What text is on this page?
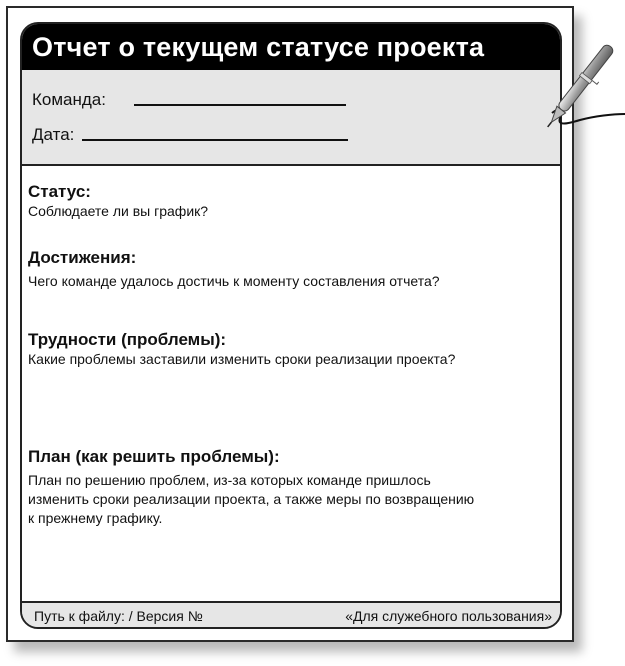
Отчет о текущем статусе проекта
Команда:
Дата:
Статус:

Соблюдаете ли вы график?

Достижения:

Чего команде удалось достичь к моменту составления отчета?

Трудности (проблемы):

Какие проблемы заставили изменить сроки реализации проекта?

План (как решить проблемы):

План по решению проблем, из-за которых команде пришлось

изменить сроки реализации проекта, а также меры по возвращению

к прежнему графику.

Путь к файлу: / Версия №	«Для служебного пользования»
